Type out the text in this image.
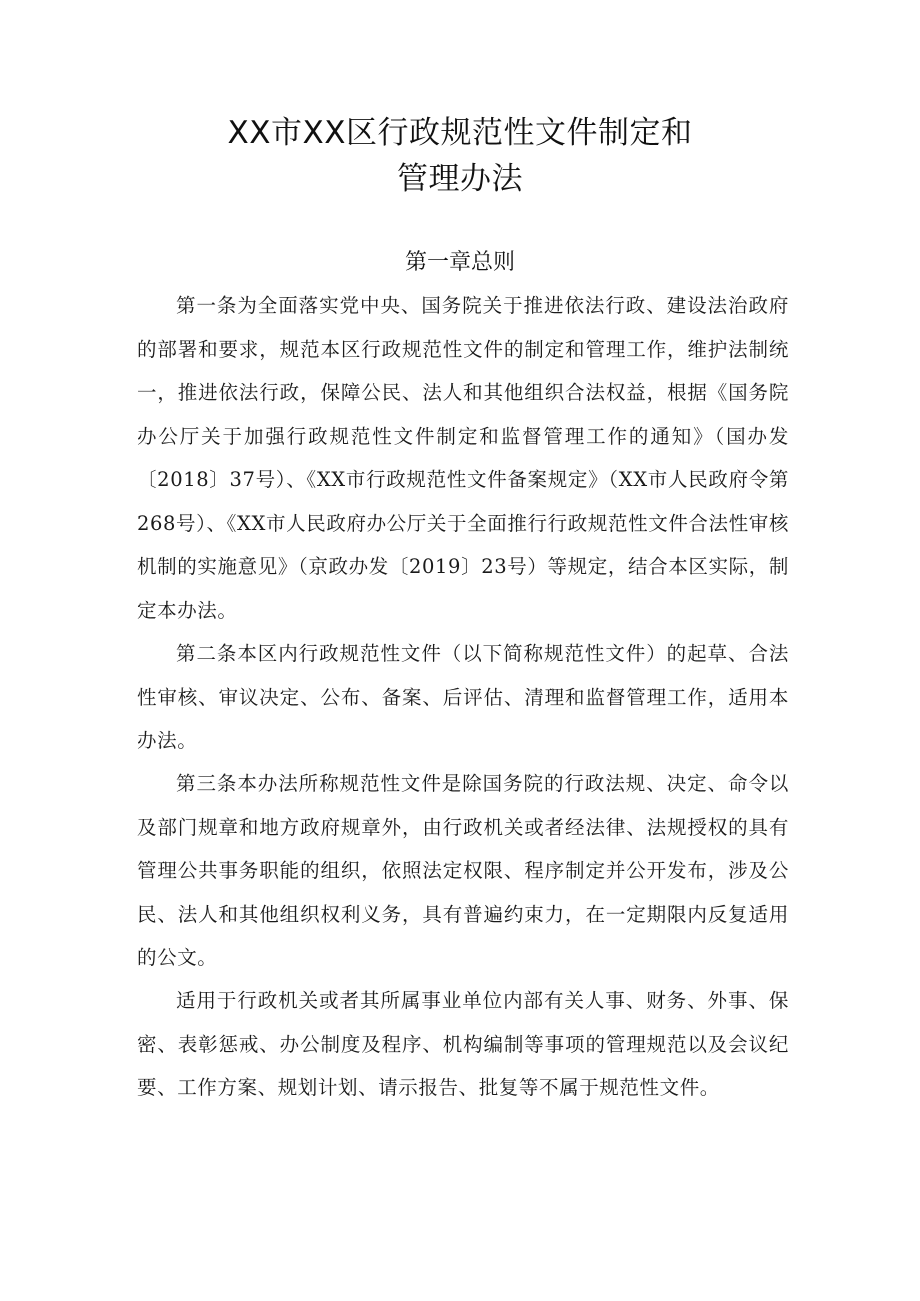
XX市XX区行政规范性文件制定和
管理办法
第一章总则

第一条为全面落实党中央、国务院关于推进依法行政、建设法治政府的部署和要求，规范本区行政规范性文件的制定和管理工作，维护法制统一，推进依法行政，保障公民、法人和其他组织合法权益，根据《国务院办公厅关于加强行政规范性文件制定和监督管理工作的通知》（国办发〔2018〕37号）、《XX市行政规范性文件备案规定》（XX市人民政府令第268号）、《XX市人民政府办公厅关于全面推行行政规范性文件合法性审核机制的实施意见》（京政办发〔2019〕23号）等规定，结合本区实际，制定本办法。

第二条本区内行政规范性文件（以下简称规范性文件）的起草、合法性审核、审议决定、公布、备案、后评估、清理和监督管理工作，适用本办法。

第三条本办法所称规范性文件是除国务院的行政法规、决定、命令以及部门规章和地方政府规章外，由行政机关或者经法律、法规授权的具有管理公共事务职能的组织，依照法定权限、程序制定并公开发布，涉及公民、法人和其他组织权利义务，具有普遍约束力，在一定期限内反复适用的公文。

适用于行政机关或者其所属事业单位内部有关人事、财务、外事、保密、表彰惩戒、办公制度及程序、机构编制等事项的管理规范以及会议纪要、工作方案、规划计划、请示报告、批复等不属于规范性文件。
